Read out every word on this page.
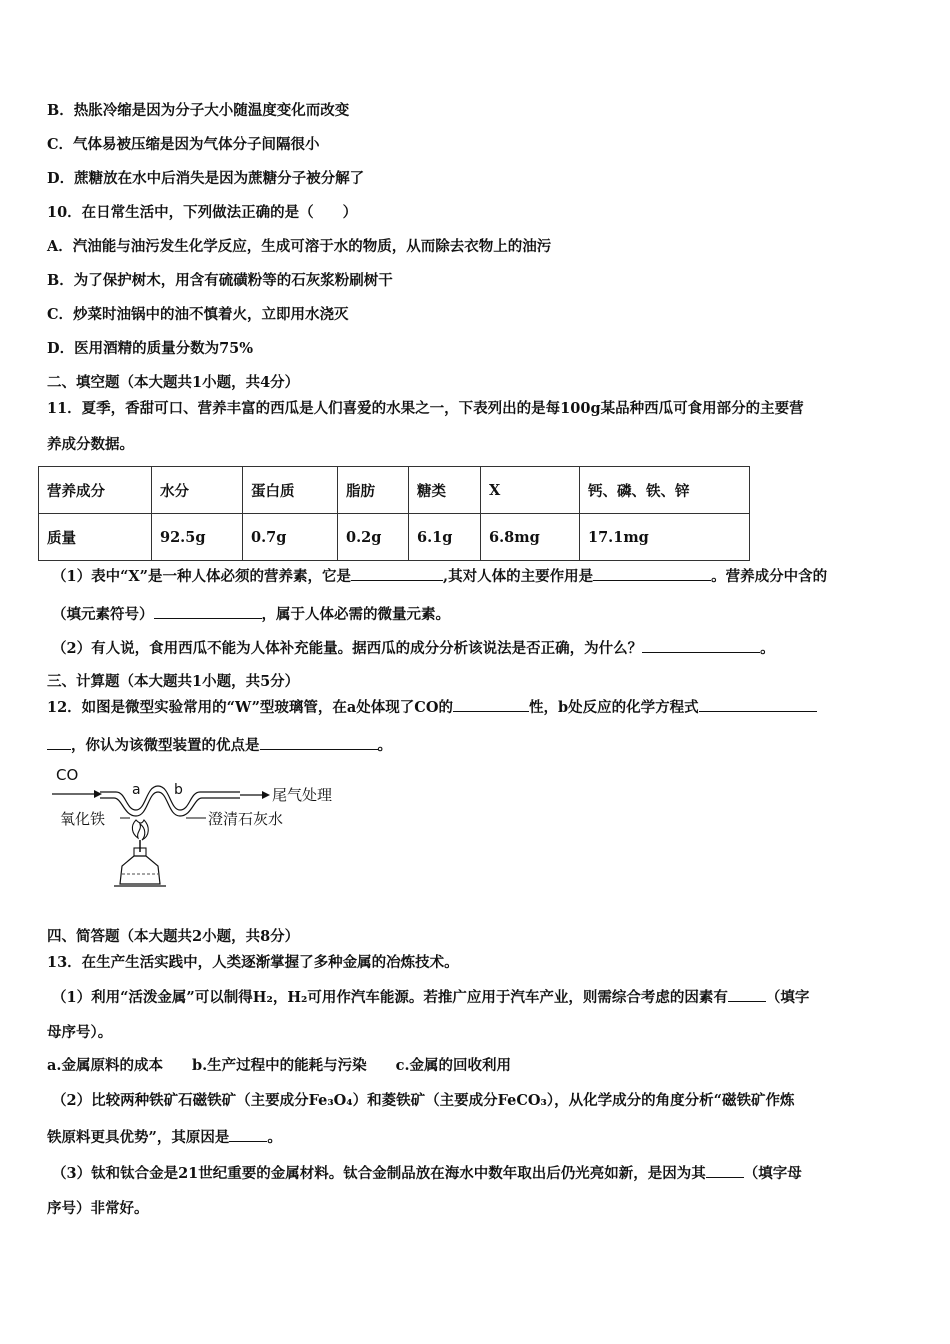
B．热胀冷缩是因为分子大小随温度变化而改变
C．气体易被压缩是因为气体分子间隔很小
D．蔗糖放在水中后消失是因为蔗糖分子被分解了
10．在日常生活中，下列做法正确的是（　　）
A．汽油能与油污发生化学反应，生成可溶于水的物质，从而除去衣物上的油污
B．为了保护树木，用含有硫磺粉等的石灰浆粉刷树干
C．炒菜时油锅中的油不慎着火，立即用水浇灭
D．医用酒精的质量分数为75%
二、填空题（本大题共1小题，共4分）
11．夏季，香甜可口、营养丰富的西瓜是人们喜爱的水果之一，下表列出的是每100g某品种西瓜可食用部分的主要营
养成分数据。
营养成分	水分	蛋白质	脂肪	糖类	X	钙、磷、铁、锌
质量	92.5g	0.7g	0.2g	6.1g	6.8mg	17.1mg
（1）表中“X”是一种人体必须的营养素，它是	,其对人体的主要作用是	。营养成分中含的
（填元素符号）	，属于人体必需的微量元素。
（2）有人说，食用西瓜不能为人体补充能量。据西瓜的成分分析该说法是否正确，为什么？	。
三、计算题（本大题共1小题，共5分）
12．如图是微型实验常用的“W”型玻璃管，在a处体现了CO的	性，b处反应的化学方程式
，你认为该微型装置的优点是	。
CO
a b	尾气处理
氧化铁	澄清石灰水
四、简答题（本大题共2小题，共8分）
13．在生产生活实践中，人类逐渐掌握了多种金属的冶炼技术。
（1）利用“活泼金属”可以制得H₂，H₂可用作汽车能源。若推广应用于汽车产业，则需综合考虑的因素有	（填字
母序号）。
a.金属原料的成本　　b.生产过程中的能耗与污染　　c.金属的回收利用
（2）比较两种铁矿石磁铁矿（主要成分Fe₃O₄）和菱铁矿（主要成分FeCO₃），从化学成分的角度分析“磁铁矿作炼
铁原料更具优势”，其原因是	。
（3）钛和钛合金是21世纪重要的金属材料。钛合金制品放在海水中数年取出后仍光亮如新，是因为其	（填字母
序号）非常好。
